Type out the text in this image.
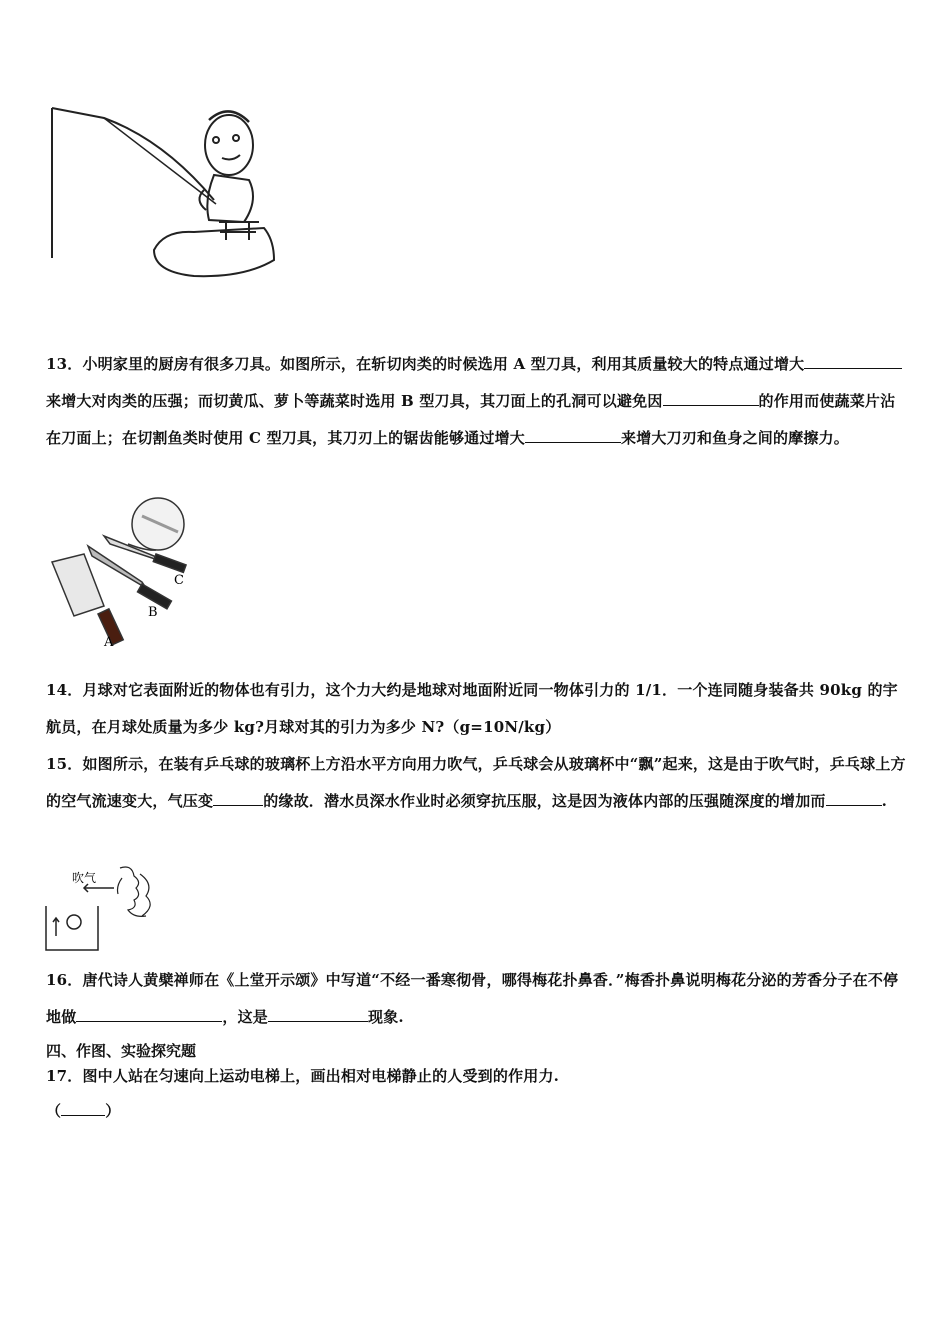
13．小明家里的厨房有很多刀具。如图所示，在斩切肉类的时候选用 A 型刀具，利用其质量较大的特点通过增大来增大对肉类的压强；而切黄瓜、萝卜等蔬菜时选用 B 型刀具，其刀面上的孔洞可以避免因	的作用而使蔬菜片沾在刀面上；在切割鱼类时使用 C 型刀具，其刀刃上的锯齿能够通过增大	来增大刀刃和鱼身之间的摩擦力。

C
B
A

14．月球对它表面附近的物体也有引力，这个力大约是地球对地面附近同一物体引力的 1/1．一个连同随身装备共 90kg 的宇航员，在月球处质量为多少 kg?月球对其的引力为多少 N?（g=10N/kg）

15．如图所示，在装有乒乓球的玻璃杯上方沿水平方向用力吹气，乒乓球会从玻璃杯中“飘”起来，这是由于吹气时，乒乓球上方的空气流速变大，气压变	的缘故．潜水员深水作业时必须穿抗压服，这是因为液体内部的压强随深度的增加而	.

吹气

16．唐代诗人黄檗禅师在《上堂开示颂》中写道“不经一番寒彻骨，哪得梅花扑鼻香．”梅香扑鼻说明梅花分泌的芳香分子在不停地做	，这是	现象.

四、作图、实验探究题

17．图中人站在匀速向上运动电梯上，画出相对电梯静止的人受到的作用力.

（	）
